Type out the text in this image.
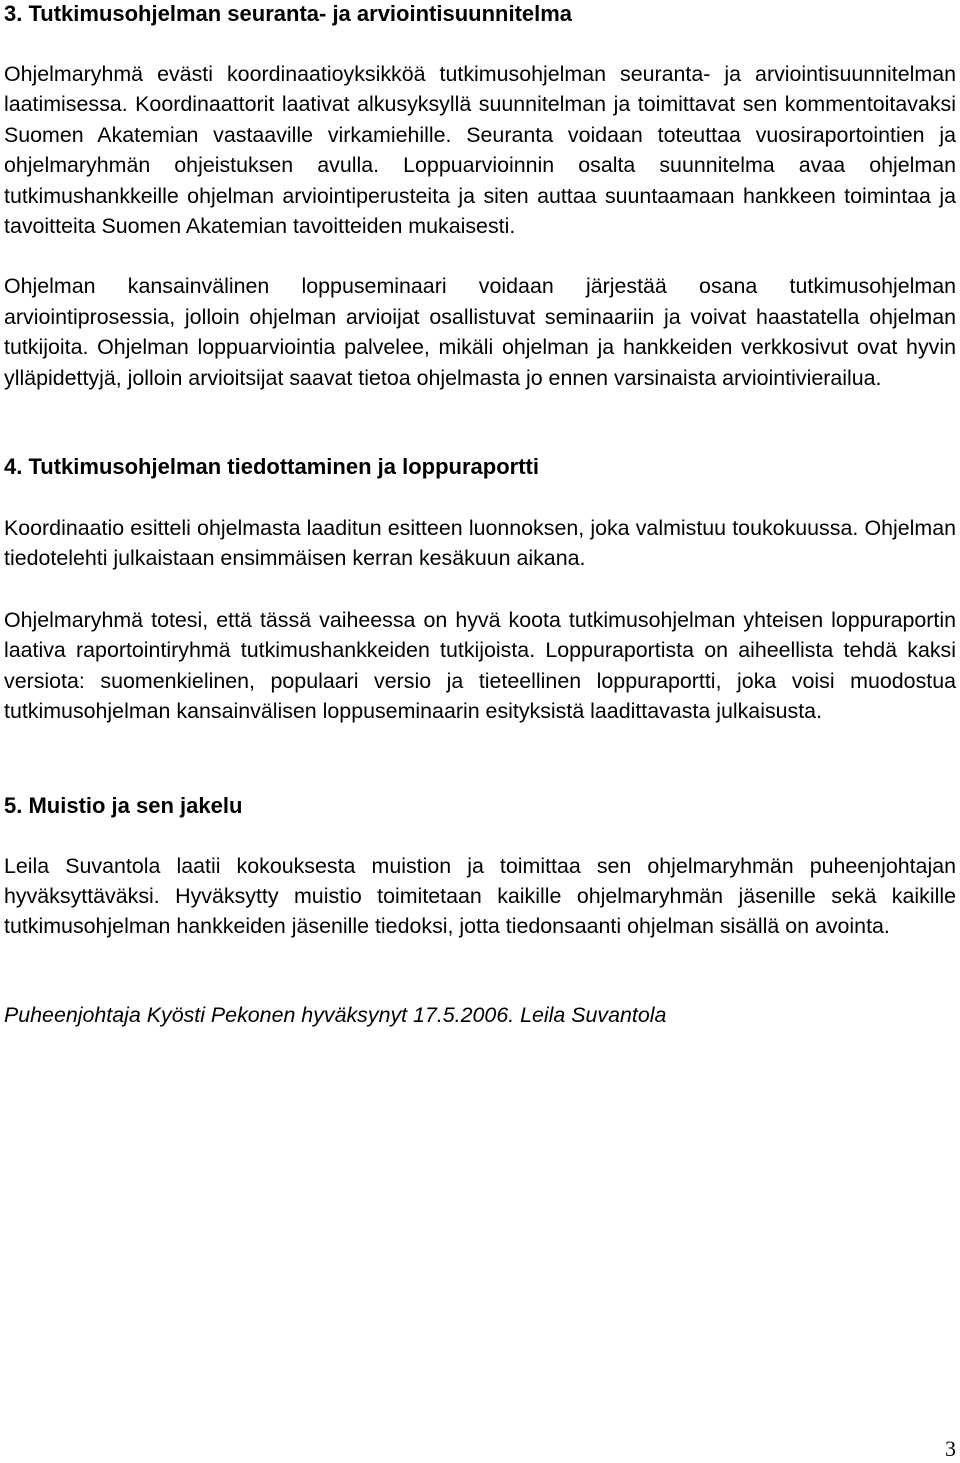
3. Tutkimusohjelman seuranta- ja arviointisuunnitelma

Ohjelmaryhmä evästi koordinaatioyksikköä tutkimusohjelman seuranta- ja arviointisuunnitelman laatimisessa. Koordinaattorit laativat alkusyksyllä suunnitelman ja toimittavat sen kommentoitavaksi Suomen Akatemian vastaaville virkamiehille. Seuranta voidaan toteuttaa vuosiraportointien ja ohjelmaryhmän ohjeistuksen avulla. Loppuarvioinnin osalta suunnitelma avaa ohjelman tutkimushankkeille ohjelman arviointiperusteita ja siten auttaa suuntaamaan hankkeen toimintaa ja tavoitteita Suomen Akatemian tavoitteiden mukaisesti.

Ohjelman kansainvälinen loppuseminaari voidaan järjestää osana tutkimusohjelman arviointiprosessia, jolloin ohjelman arvioijat osallistuvat seminaariin ja voivat haastatella ohjelman tutkijoita. Ohjelman loppuarviointia palvelee, mikäli ohjelman ja hankkeiden verkkosivut ovat hyvin ylläpidettyjä, jolloin arvioitsijat saavat tietoa ohjelmasta jo ennen varsinaista arviointivierailua.

4. Tutkimusohjelman tiedottaminen ja loppuraportti

Koordinaatio esitteli ohjelmasta laaditun esitteen luonnoksen, joka valmistuu toukokuussa. Ohjelman tiedotelehti julkaistaan ensimmäisen kerran kesäkuun aikana.

Ohjelmaryhmä totesi, että tässä vaiheessa on hyvä koota tutkimusohjelman yhteisen loppuraportin laativa raportointiryhmä tutkimushankkeiden tutkijoista. Loppuraportista on aiheellista tehdä kaksi versiota: suomenkielinen, populaari versio ja tieteellinen loppuraportti, joka voisi muodostua tutkimusohjelman kansainvälisen loppuseminaarin esityksistä laadittavasta julkaisusta.

5. Muistio ja sen jakelu

Leila Suvantola laatii kokouksesta muistion ja toimittaa sen ohjelmaryhmän puheenjohtajan hyväksyttäväksi. Hyväksytty muistio toimitetaan kaikille ohjelmaryhmän jäsenille sekä kaikille tutkimusohjelman hankkeiden jäsenille tiedoksi, jotta tiedonsaanti ohjelman sisällä on avointa.

Puheenjohtaja Kyösti Pekonen hyväksynyt 17.5.2006. Leila Suvantola
3
